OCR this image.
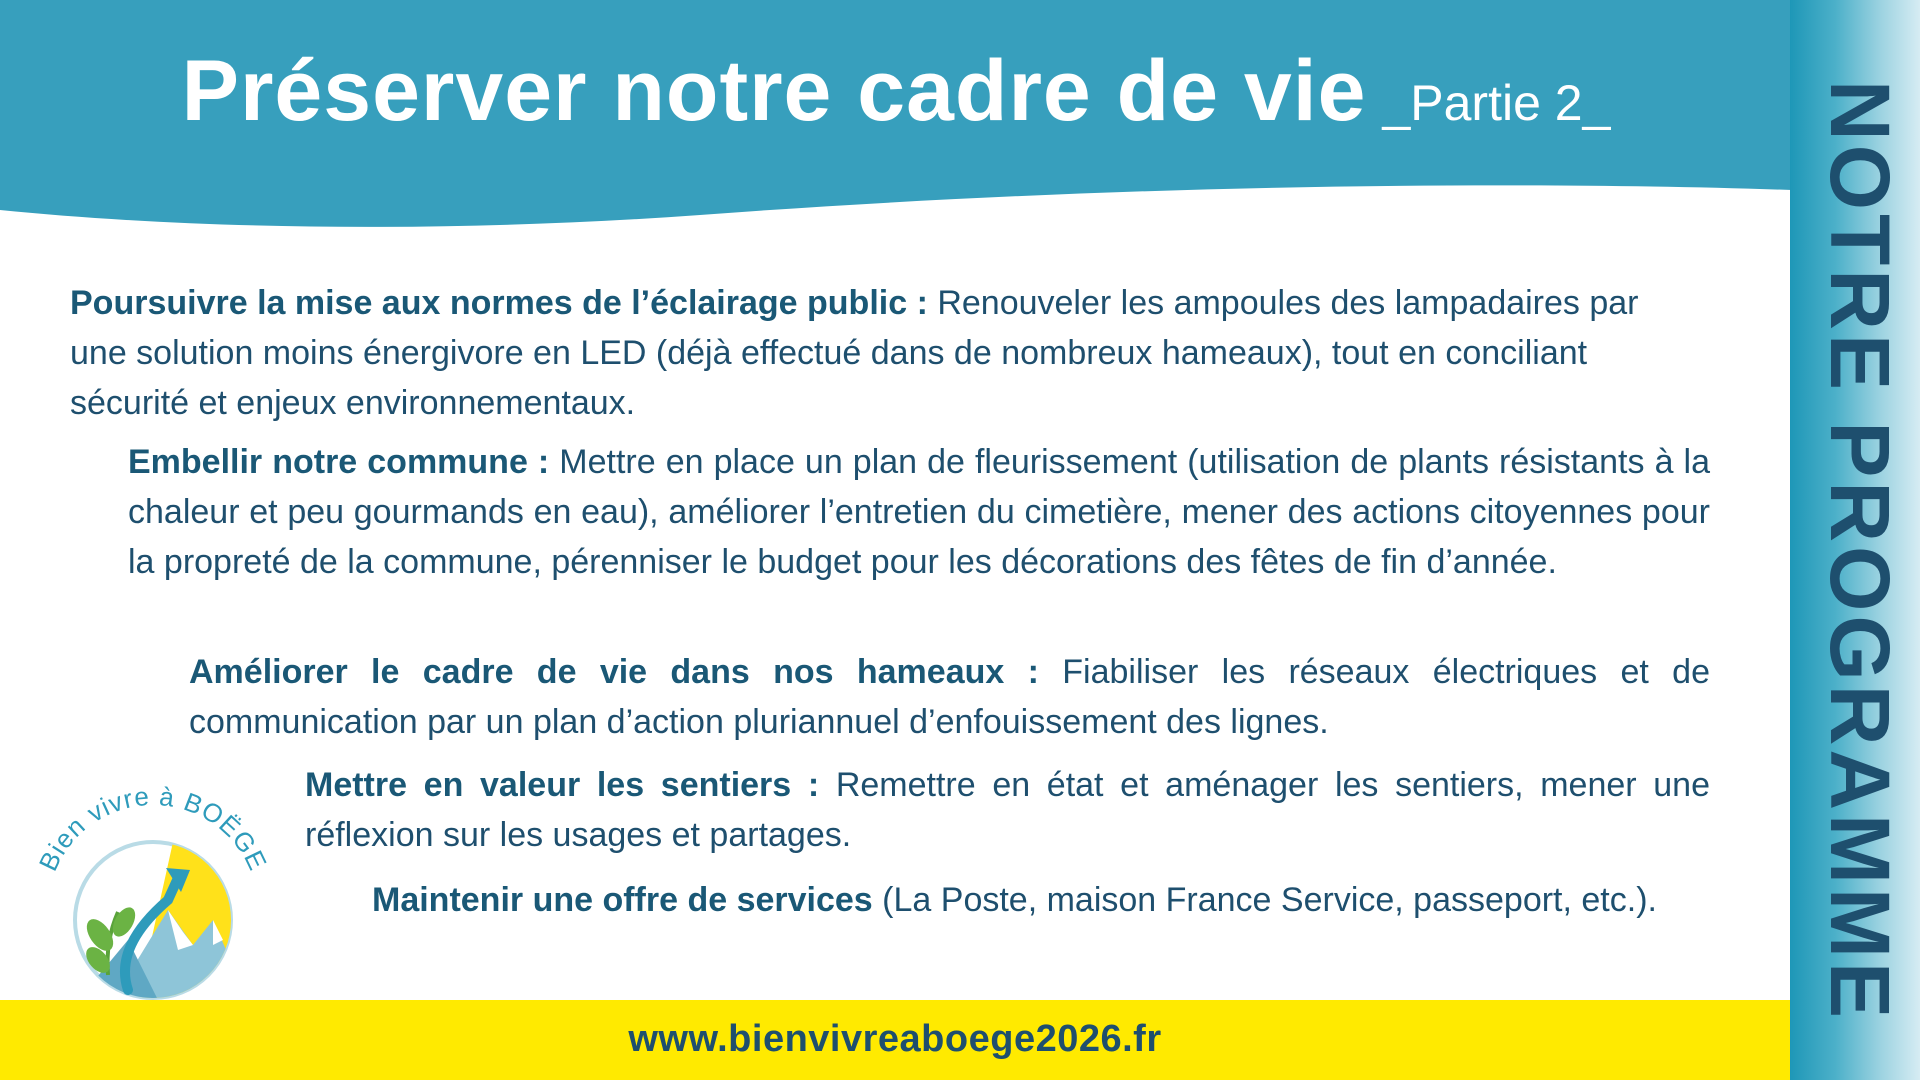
Préserver notre cadre de vie _Partie 2_	NOTRE PROGRAMME
Poursuivre la mise aux normes de l’éclairage public : Renouveler les ampoules des lampadaires par une solution moins énergivore en LED (déjà effectué dans de nombreux hameaux), tout en conciliant sécurité et enjeux environnementaux.
Embellir notre commune : Mettre en place un plan de fleurissement (utilisation de plants résistants à la chaleur et peu gourmands en eau), améliorer l’entretien du cimetière, mener des actions citoyennes pour la propreté de la commune, pérenniser le budget pour les décorations des fêtes de fin d’année.
Améliorer le cadre de vie dans nos hameaux : Fiabiliser les réseaux électriques et de communication par un plan d’action pluriannuel d’enfouissement des lignes.
Mettre en valeur les sentiers : Remettre en état et aménager les sentiers, mener une réflexion sur les usages et partages.
Maintenir une offre de services (La Poste, maison France Service, passeport, etc.).
Bien vivre à BOËGE
www.bienvivreaboege2026.fr
